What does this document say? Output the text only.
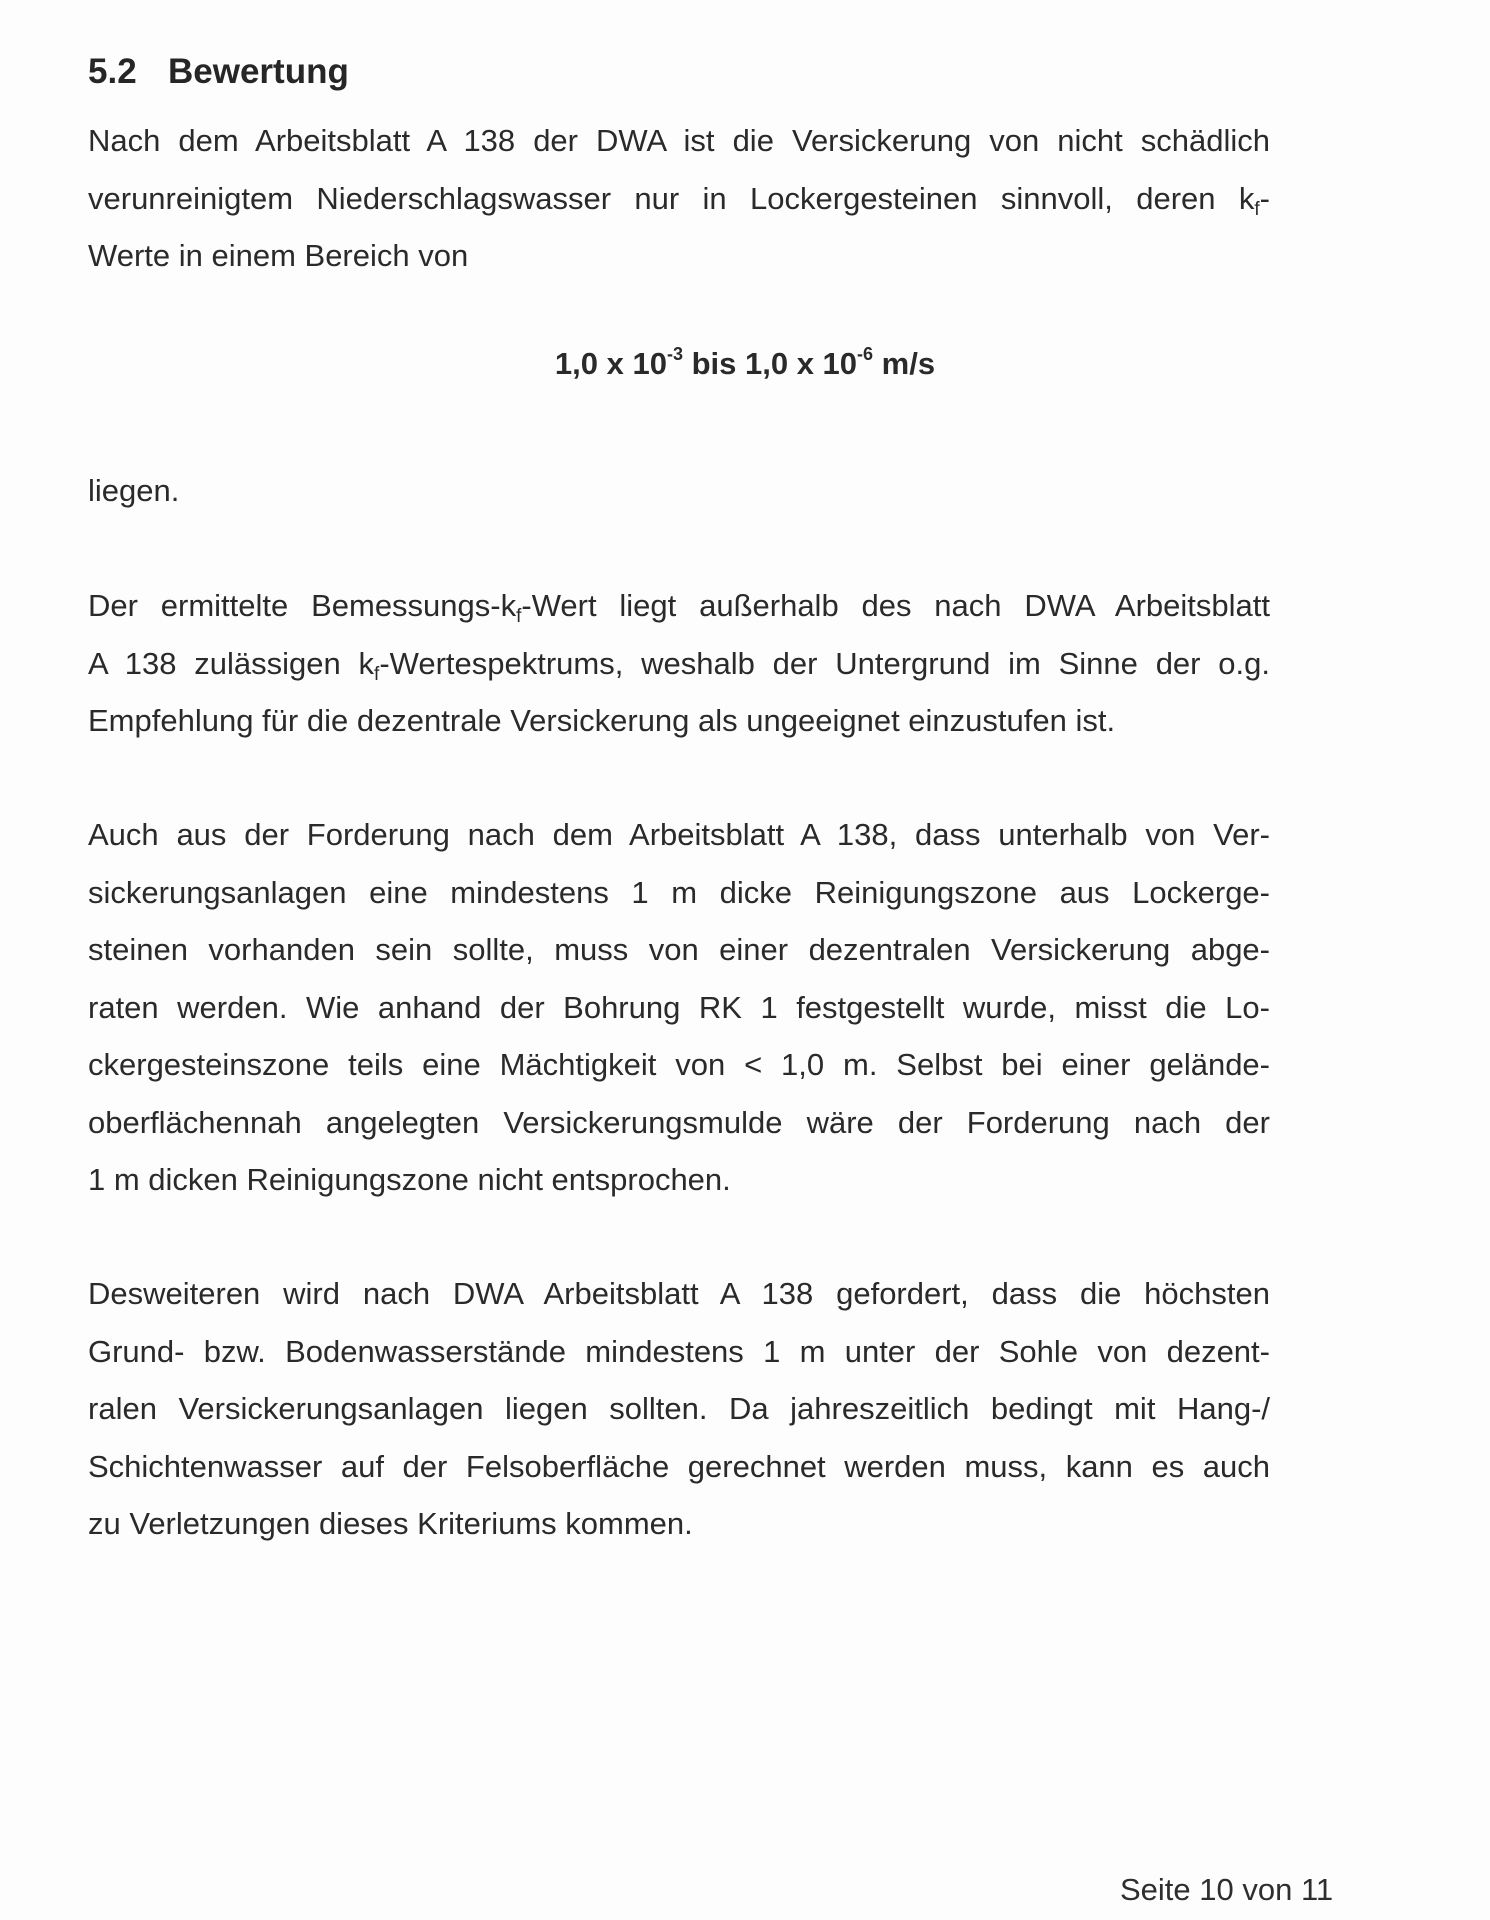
5.2 Bewertung
Nach dem Arbeitsblatt A 138 der DWA ist die Versickerung von nicht schädlich
verunreinigtem Niederschlagswasser nur in Lockergesteinen sinnvoll, deren $k_f-$
Werte in einem Bereich von
1,0 x $10^{-3}$ bis 1,0 x $10^{-6}$ m/s
liegen.
Der ermittelte Bemessungs-$k_f$-Wert liegt außerhalb des nach DWA Arbeitsblatt
A 138 zulässigen $k_f$-Wertespektrums, weshalb der Untergrund im Sinne der o.g.
Empfehlung für die dezentrale Versickerung als ungeeignet einzustufen ist.
Auch aus der Forderung nach dem Arbeitsblatt A 138, dass unterhalb von Ver-
sickerungsanlagen eine mindestens 1 m dicke Reinigungszone aus Lockerge-
steinen vorhanden sein sollte, muss von einer dezentralen Versickerung abge-
raten werden. Wie anhand der Bohrung RK 1 festgestellt wurde, misst die Lo-
ckergesteinszone teils eine Mächtigkeit von < 1,0 m. Selbst bei einer gelände-
oberflächennah angelegten Versickerungsmulde wäre der Forderung nach der
1 m dicken Reinigungszone nicht entsprochen.
Desweiteren wird nach DWA Arbeitsblatt A 138 gefordert, dass die höchsten
Grund- bzw. Bodenwasserstände mindestens 1 m unter der Sohle von dezent-
ralen Versickerungsanlagen liegen sollten. Da jahreszeitlich bedingt mit Hang-/
Schichtenwasser auf der Felsoberfläche gerechnet werden muss, kann es auch
zu Verletzungen dieses Kriteriums kommen.
Seite 10 von 11
